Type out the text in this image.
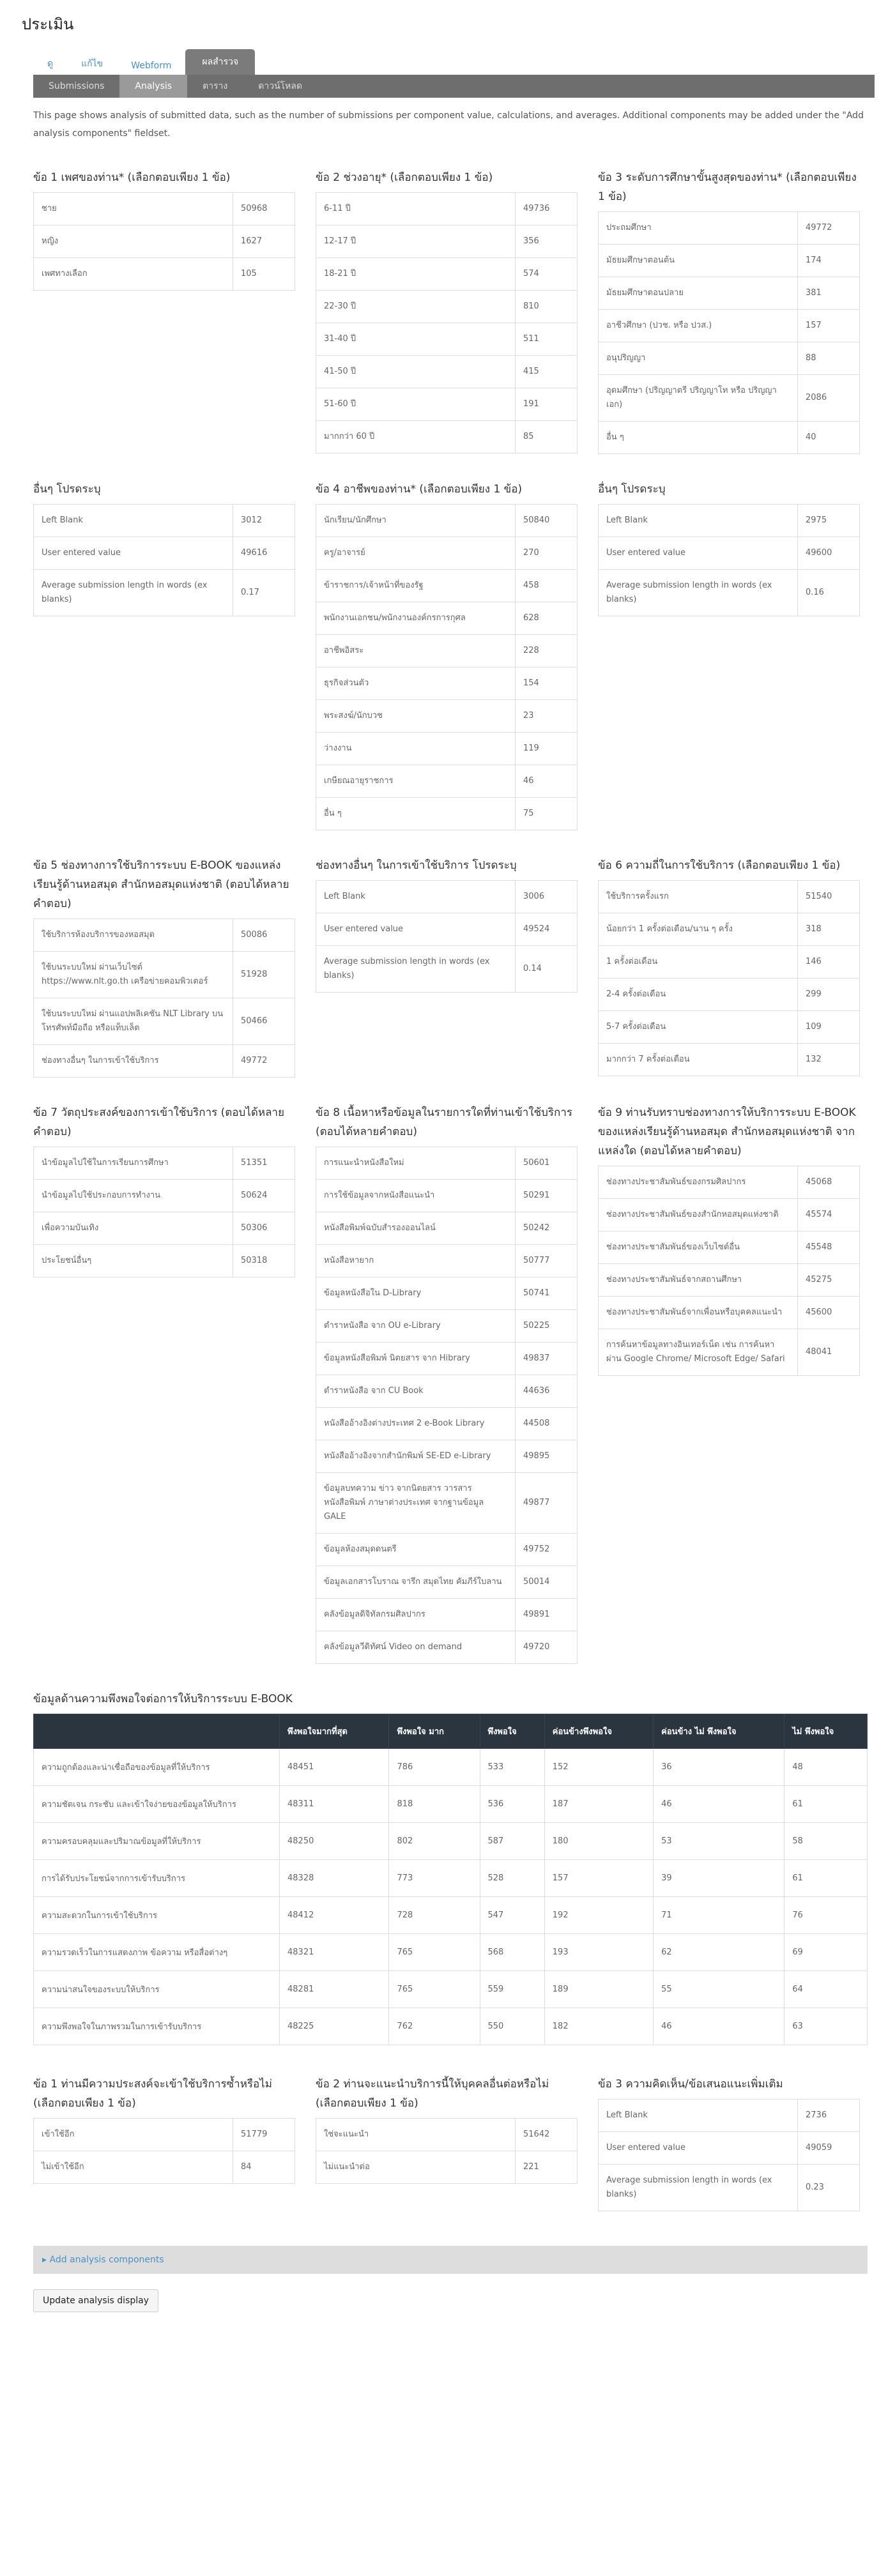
ประเมิน
ดู	แก้ไข	Webform	ผลสำรวจ
Submissions	Analysis	ตาราง	ดาวน์โหลด
This page shows analysis of submitted data, such as the number of submissions per component value, calculations, and averages. Additional components may be added under the "Add analysis components" fieldset.
ข้อ 1 เพศของท่าน* (เลือกตอบเพียง 1 ข้อ)
ชาย	50968
หญิง	1627
เพศทางเลือก	105
ข้อ 2 ช่วงอายุ* (เลือกตอบเพียง 1 ข้อ)
6-11 ปี	49736
12-17 ปี	356
18-21 ปี	574
22-30 ปี	810
31-40 ปี	511
41-50 ปี	415
51-60 ปี	191
มากกว่า 60 ปี	85
ข้อ 3 ระดับการศึกษาขั้นสูงสุดของท่าน* (เลือกตอบเพียง 1 ข้อ)
ประถมศึกษา	49772
มัธยมศึกษาตอนต้น	174
มัธยมศึกษาตอนปลาย	381
อาชีวศึกษา (ปวช. หรือ ปวส.)	157
อนุปริญญา	88
อุดมศึกษา (ปริญญาตรี ปริญญาโท หรือ ปริญญาเอก)	2086
อื่น ๆ	40
อื่นๆ โปรดระบุ
Left Blank	3012
User entered value	49616
Average submission length in words (ex blanks)	0.17
ข้อ 4 อาชีพของท่าน* (เลือกตอบเพียง 1 ข้อ)
นักเรียน/นักศึกษา	50840
ครู/อาจารย์	270
ข้าราชการ/เจ้าหน้าที่ของรัฐ	458
พนักงานเอกชน/พนักงานองค์กรการกุศล	628
อาชีพอิสระ	228
ธุรกิจส่วนตัว	154
พระสงฆ์/นักบวช	23
ว่างงาน	119
เกษียณอายุราชการ	46
อื่น ๆ	75
อื่นๆ โปรดระบุ
Left Blank	2975
User entered value	49600
Average submission length in words (ex blanks)	0.16
ข้อ 5 ช่องทางการใช้บริการระบบ E-BOOK ของแหล่งเรียนรู้ด้านหอสมุด สำนักหอสมุดแห่งชาติ (ตอบได้หลายคำตอบ)
ใช้บริการห้องบริการของหอสมุด	50086
ใช้บนระบบใหม่ ผ่านเว็บไซต์ https://www.nlt.go.th เครือข่ายคอมพิวเตอร์	51928
ใช้บนระบบใหม่ ผ่านแอปพลิเคชัน NLT Library บนโทรศัพท์มือถือ หรือแท็บเล็ต	50466
ช่องทางอื่นๆ ในการเข้าใช้บริการ	49772
ช่องทางอื่นๆ ในการเข้าใช้บริการ โปรดระบุ
Left Blank	3006
User entered value	49524
Average submission length in words (ex blanks)	0.14
ข้อ 6 ความถี่ในการใช้บริการ (เลือกตอบเพียง 1 ข้อ)
ใช้บริการครั้งแรก	51540
น้อยกว่า 1 ครั้งต่อเดือน/นาน ๆ ครั้ง	318
1 ครั้งต่อเดือน	146
2-4 ครั้งต่อเดือน	299
5-7 ครั้งต่อเดือน	109
มากกว่า 7 ครั้งต่อเดือน	132
ข้อ 7 วัตถุประสงค์ของการเข้าใช้บริการ (ตอบได้หลายคำตอบ)
นำข้อมูลไปใช้ในการเรียนการศึกษา	51351
นำข้อมูลไปใช้ประกอบการทำงาน	50624
เพื่อความบันเทิง	50306
ประโยชน์อื่นๆ	50318
ข้อ 8 เนื้อหาหรือข้อมูลในรายการใดที่ท่านเข้าใช้บริการ (ตอบได้หลายคำตอบ)
การแนะนำหนังสือใหม่	50601
การใช้ข้อมูลจากหนังสือแนะนำ	50291
หนังสือพิมพ์ฉบับสำรองออนไลน์	50242
หนังสือหายาก	50777
ข้อมูลหนังสือใน D-Library	50741
ตำราหนังสือ จาก OU e-Library	50225
ข้อมูลหนังสือพิมพ์ นิตยสาร จาก Hibrary	49837
ตำราหนังสือ จาก CU Book	44636
หนังสืออ้างอิงต่างประเทศ 2 e-Book Library	44508
หนังสืออ้างอิงจากสำนักพิมพ์ SE-ED e-Library	49895
ข้อมูลบทความ ข่าว จากนิตยสาร วารสาร หนังสือพิมพ์ ภาษาต่างประเทศ จากฐานข้อมูล GALE	49877
ข้อมูลห้องสมุดดนตรี	49752
ข้อมูลเอกสารโบราณ จารึก สมุดไทย คัมภีร์ใบลาน	50014
คลังข้อมูลดิจิทัลกรมศิลปากร	49891
คลังข้อมูลวีดิทัศน์ Video on demand	49720
ข้อ 9 ท่านรับทราบช่องทางการให้บริการระบบ E-BOOK ของแหล่งเรียนรู้ด้านหอสมุด สำนักหอสมุดแห่งชาติ จากแหล่งใด (ตอบได้หลายคำตอบ)
ช่องทางประชาสัมพันธ์ของกรมศิลปากร	45068
ช่องทางประชาสัมพันธ์ของสำนักหอสมุดแห่งชาติ	45574
ช่องทางประชาสัมพันธ์ของเว็บไซต์อื่น	45548
ช่องทางประชาสัมพันธ์จากสถานศึกษา	45275
ช่องทางประชาสัมพันธ์จากเพื่อนหรือบุคคลแนะนำ	45600
การค้นหาข้อมูลทางอินเทอร์เน็ต เช่น การค้นหาผ่าน Google Chrome/ Microsoft Edge/ Safari	48041
ข้อมูลด้านความพึงพอใจต่อการให้บริการระบบ E-BOOK
	พึงพอใจมากที่สุด	พึงพอใจ มาก	พึงพอใจ	ค่อนข้างพึงพอใจ	ค่อนข้าง ไม่ พึงพอใจ	ไม่ พึงพอใจ
ความถูกต้องและน่าเชื่อถือของข้อมูลที่ให้บริการ	48451	786	533	152	36	48
ความชัดเจน กระชับ และเข้าใจง่ายของข้อมูลให้บริการ	48311	818	536	187	46	61
ความครอบคลุมและปริมาณข้อมูลที่ให้บริการ	48250	802	587	180	53	58
การได้รับประโยชน์จากการเข้ารับบริการ	48328	773	528	157	39	61
ความสะดวกในการเข้าใช้บริการ	48412	728	547	192	71	76
ความรวดเร็วในการแสดงภาพ ข้อความ หรือสื่อต่างๆ	48321	765	568	193	62	69
ความน่าสนใจของระบบให้บริการ	48281	765	559	189	55	64
ความพึงพอใจในภาพรวมในการเข้ารับบริการ	48225	762	550	182	46	63
ข้อ 1 ท่านมีความประสงค์จะเข้าใช้บริการซ้ำหรือไม่ (เลือกตอบเพียง 1 ข้อ)
เข้าใช้อีก	51779
ไม่เข้าใช้อีก	84
ข้อ 2 ท่านจะแนะนำบริการนี้ให้บุคคลอื่นต่อหรือไม่ (เลือกตอบเพียง 1 ข้อ)
ใช่จะแนะนำ	51642
ไม่แนะนำต่อ	221
ข้อ 3 ความคิดเห็น/ข้อเสนอแนะเพิ่มเติม
Left Blank	2736
User entered value	49059
Average submission length in words (ex blanks)	0.23
▸ Add analysis components
Update analysis display
